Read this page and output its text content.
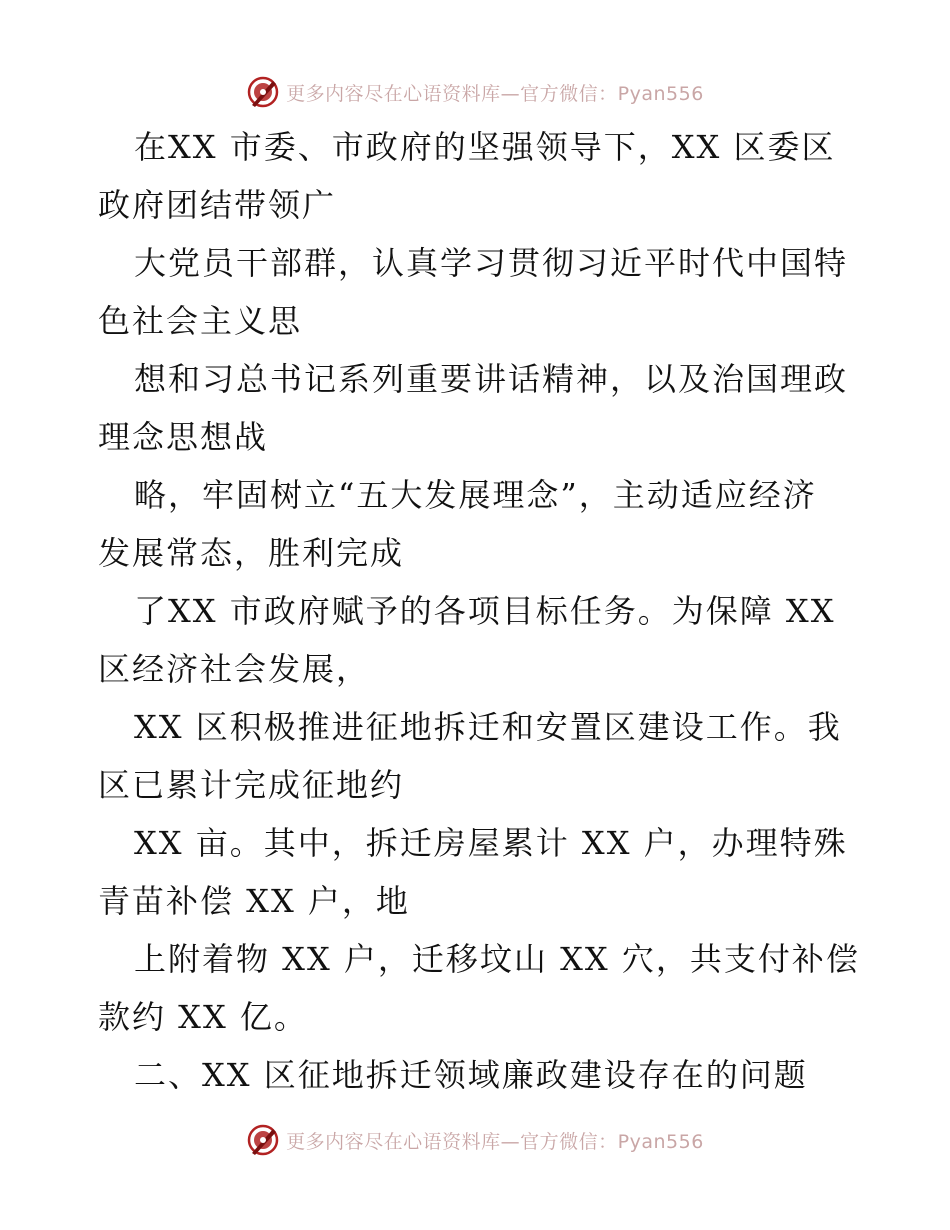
更多内容尽在心语资料库—官方微信：Pyan556
在XX 市委、市政府的坚强领导下，XX 区委区
政府团结带领广
大党员干部群，认真学习贯彻习近平时代中国特
色社会主义思
想和习总书记系列重要讲话精神，以及治国理政
理念思想战
略，牢固树立“五大发展理念”，主动适应经济
发展常态，胜利完成
了XX 市政府赋予的各项目标任务。为保障 XX
区经济社会发展，
XX 区积极推进征地拆迁和安置区建设工作。我
区已累计完成征地约
XX 亩。其中，拆迁房屋累计 XX 户，办理特殊
青苗补偿 XX 户，地
上附着物 XX 户，迁移坟山 XX 穴，共支付补偿
款约 XX 亿。
二、XX 区征地拆迁领域廉政建设存在的问题
更多内容尽在心语资料库—官方微信：Pyan556
